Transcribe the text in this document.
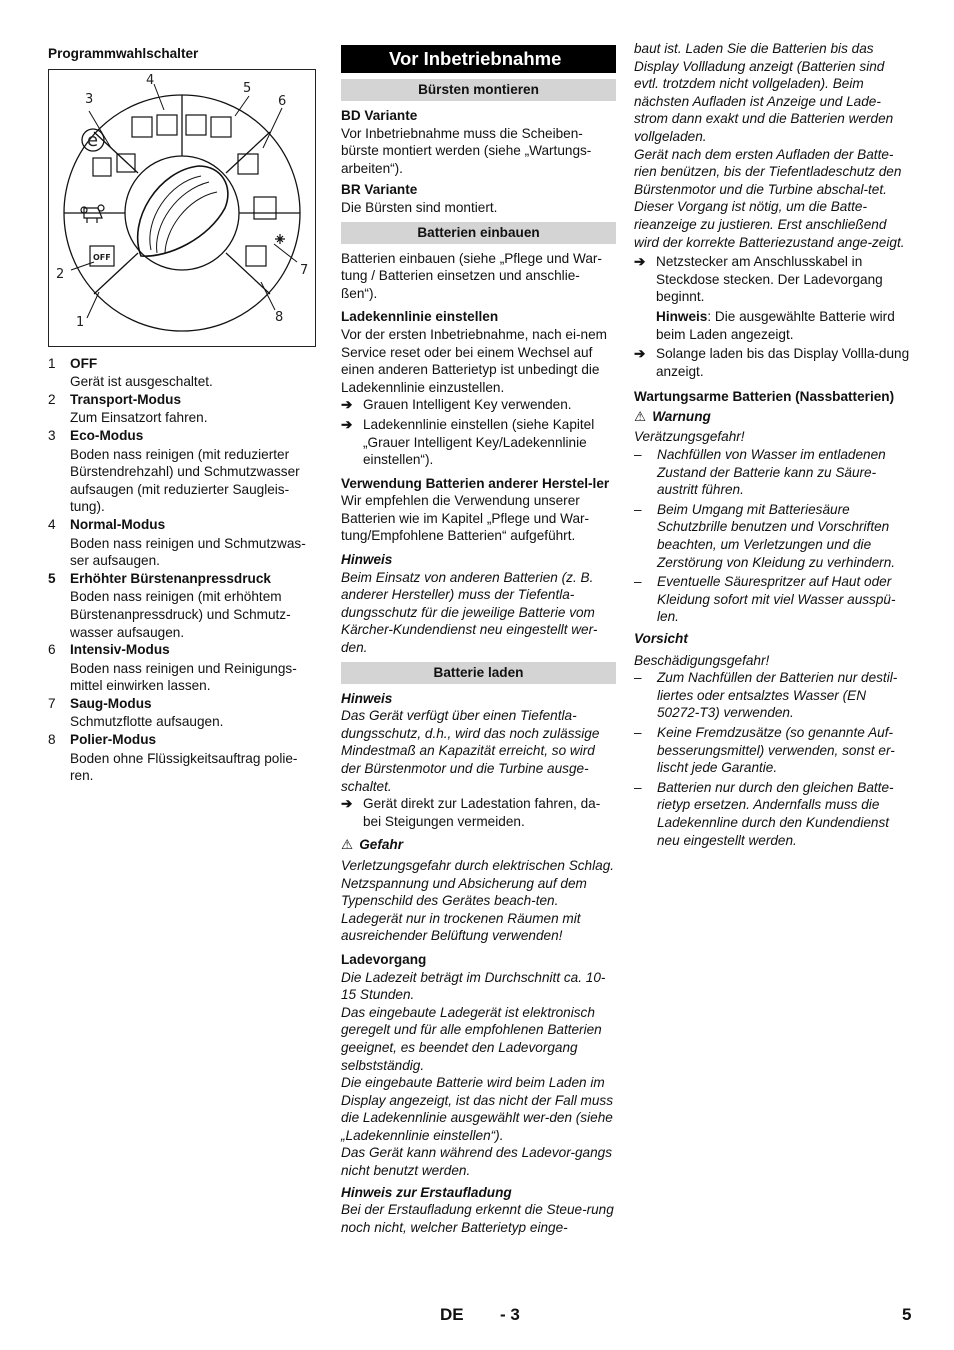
Programmwahlschalter

3
4
5
6
2	7
1	8
e
OFF
1 OFF

Gerät ist ausgeschaltet.

2 Transport-Modus

Zum Einsatzort fahren.

3 Eco-Modus

Boden nass reinigen (mit reduzierter Bürstendrehzahl) und Schmutzwasser aufsaugen (mit reduzierter Saugleis-tung).

4 Normal-Modus

Boden nass reinigen und Schmutzwas-ser aufsaugen.

5 Erhöhter Bürstenanpressdruck

Boden nass reinigen (mit erhöhtem Bürstenanpressdruck) und Schmutz-wasser aufsaugen.

6 Intensiv-Modus

Boden nass reinigen und Reinigungs-mittel einwirken lassen.

7 Saug-Modus

Schmutzflotte aufsaugen.

8 Polier-Modus

Boden ohne Flüssigkeitsauftrag polie-ren.

Vor Inbetriebnahme
Bürsten montieren

BD Variante

Vor Inbetriebnahme muss die Scheiben-bürste montiert werden (siehe „Wartungs-arbeiten“).

BR Variante

Die Bürsten sind montiert.

Batterien einbauen

Batterien einbauen (siehe „Pflege und War-tung / Batterien einsetzen und anschlie-ßen“).

Ladekennlinie einstellen

Vor der ersten Inbetriebnahme, nach ei-nem Service reset oder bei einem Wechsel auf einen anderen Batterietyp ist unbedingt die Ladekennlinie einzustellen.

➔ Grauen Intelligent Key verwenden.

➔ Ladekennlinie einstellen (siehe Kapitel „Grauer Intelligent Key/Ladekennlinie einstellen“).

Verwendung Batterien anderer Herstel-ler

Wir empfehlen die Verwendung unserer Batterien wie im Kapitel „Pflege und War-tung/Empfohlene Batterien“ aufgeführt.

Hinweis

Beim Einsatz von anderen Batterien (z. B. anderer Hersteller) muss der Tiefentla-dungsschutz für die jeweilige Batterie vom Kärcher-Kundendienst neu eingestellt wer-den.

Batterie laden

Hinweis

Das Gerät verfügt über einen Tiefentla-dungsschutz, d.h., wird das noch zulässige Mindestmaß an Kapazität erreicht, so wird der Bürstenmotor und die Turbine ausge-schaltet.

➔ Gerät direkt zur Ladestation fahren, da-bei Steigungen vermeiden.

⚠ Gefahr

Verletzungsgefahr durch elektrischen Schlag. Netzspannung und Absicherung auf dem Typenschild des Gerätes beach-ten.

Ladegerät nur in trockenen Räumen mit ausreichender Belüftung verwenden!

Ladevorgang

Die Ladezeit beträgt im Durchschnitt ca. 10-15 Stunden.

Das eingebaute Ladegerät ist elektronisch geregelt und für alle empfohlenen Batterien geeignet, es beendet den Ladevorgang selbstständig.

Die eingebaute Batterie wird beim Laden im Display angezeigt, ist das nicht der Fall muss die Ladekennlinie ausgewählt wer-den (siehe „Ladekennlinie einstellen“).

Das Gerät kann während des Ladevor-gangs nicht benutzt werden.

Hinweis zur Erstaufladung

Bei der Erstaufladung erkennt die Steue-rung noch nicht, welcher Batterietyp einge-

baut ist. Laden Sie die Batterien bis das Display Vollladung anzeigt (Batterien sind evtl. trotzdem nicht vollgeladen). Beim nächsten Aufladen ist Anzeige und Lade-strom dann exakt und die Batterien werden vollgeladen.

Gerät nach dem ersten Aufladen der Batte-rien benützen, bis der Tiefentladeschutz den Bürstenmotor und die Turbine abschal-tet. Dieser Vorgang ist nötig, um die Batte-rieanzeige zu justieren. Erst anschließend wird der korrekte Batteriezustand ange-zeigt.

➔ Netzstecker am Anschlusskabel in Steckdose stecken. Der Ladevorgang beginnt.

Hinweis: Die ausgewählte Batterie wird beim Laden angezeigt.

➔ Solange laden bis das Display Vollla-dung anzeigt.

Wartungsarme Batterien (Nassbatterien)

⚠ Warnung

Verätzungsgefahr!

– Nachfüllen von Wasser im entladenen Zustand der Batterie kann zu Säure-austritt führen.

– Beim Umgang mit Batteriesäure Schutzbrille benutzen und Vorschriften beachten, um Verletzungen und die Zerstörung von Kleidung zu verhindern.

– Eventuelle Säurespritzer auf Haut oder Kleidung sofort mit viel Wasser ausspü-len.

Vorsicht

Beschädigungsgefahr!

– Zum Nachfüllen der Batterien nur destil-liertes oder entsalztes Wasser (EN 50272-T3) verwenden.

– Keine Fremdzusätze (so genannte Auf-besserungsmittel) verwenden, sonst er-lischt jede Garantie.

– Batterien nur durch den gleichen Batte-rietyp ersetzen. Andernfalls muss die Ladekennline durch den Kundendienst neu eingestellt werden.

DE - 3	5
